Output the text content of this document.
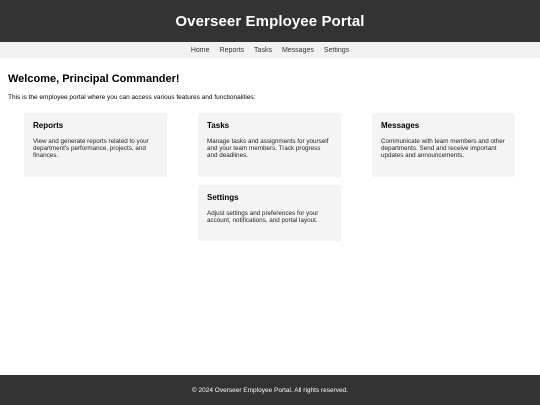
Overseer Employee Portal
Home Reports Tasks Messages Settings
Welcome, Principal Commander!

This is the employee portal where you can access various features and functionalities:

Reports

View and generate reports related to your department's performance, projects, and finances.

Tasks

Manage tasks and assignments for yourself and your team members. Track progress and deadlines.

Messages

Communicate with team members and other departments. Send and receive important updates and announcements.

Settings

Adjust settings and preferences for your account, notifications, and portal layout.

© 2024 Overseer Employee Portal. All rights reserved.
